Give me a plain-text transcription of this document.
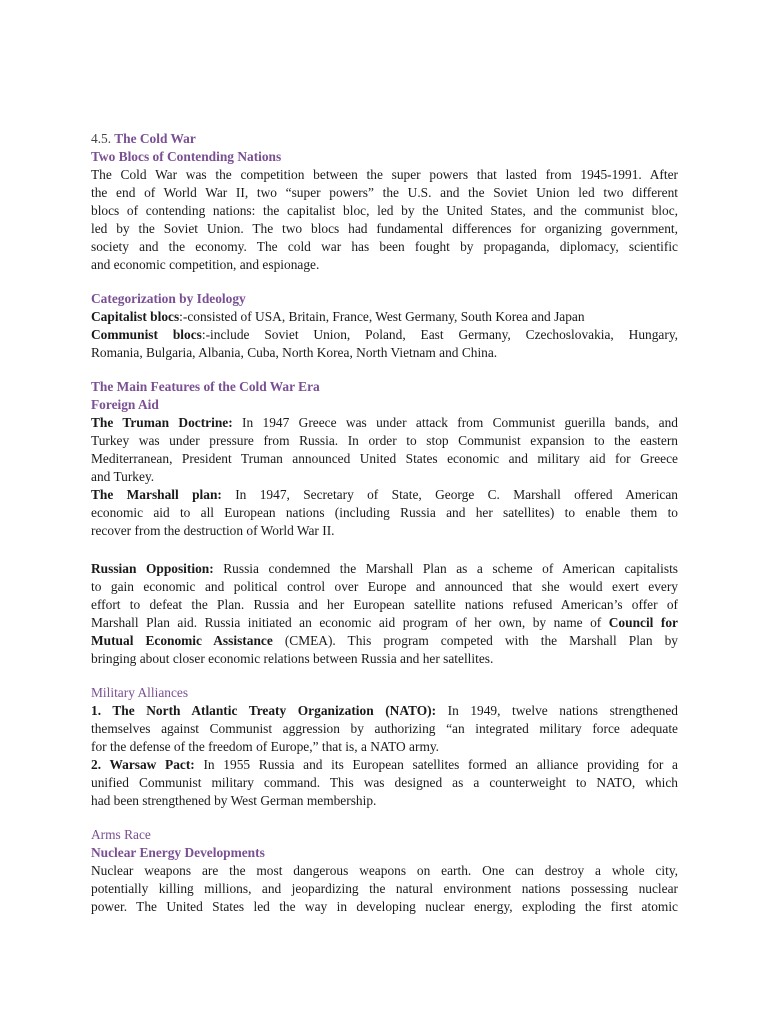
4.5. The Cold War
Two Blocs of Contending Nations
The Cold War was the competition between the super powers that lasted from 1945-1991. After
the end of World War II, two “super powers” the U.S. and the Soviet Union led two different
blocs of contending nations: the capitalist bloc, led by the United States, and the communist bloc,
led by the Soviet Union. The two blocs had fundamental differences for organizing government,
society and the economy. The cold war has been fought by propaganda, diplomacy, scientific
and economic competition, and espionage.
Categorization by Ideology
Capitalist blocs:-consisted of USA, Britain, France, West Germany, South Korea and Japan
Communist blocs:-include Soviet Union, Poland, East Germany, Czechoslovakia, Hungary,
Romania, Bulgaria, Albania, Cuba, North Korea, North Vietnam and China.
The Main Features of the Cold War Era
Foreign Aid
The Truman Doctrine: In 1947 Greece was under attack from Communist guerilla bands, and
Turkey was under pressure from Russia. In order to stop Communist expansion to the eastern
Mediterranean, President Truman announced United States economic and military aid for Greece
and Turkey.
The Marshall plan: In 1947, Secretary of State, George C. Marshall offered American
economic aid to all European nations (including Russia and her satellites) to enable them to
recover from the destruction of World War II.
Russian Opposition: Russia condemned the Marshall Plan as a scheme of American capitalists
to gain economic and political control over Europe and announced that she would exert every
effort to defeat the Plan. Russia and her European satellite nations refused American’s offer of
Marshall Plan aid. Russia initiated an economic aid program of her own, by name of Council for
Mutual Economic Assistance (CMEA). This program competed with the Marshall Plan by
bringing about closer economic relations between Russia and her satellites.
Military Alliances
1. The North Atlantic Treaty Organization (NATO): In 1949, twelve nations strengthened
themselves against Communist aggression by authorizing “an integrated military force adequate
for the defense of the freedom of Europe,” that is, a NATO army.
2. Warsaw Pact: In 1955 Russia and its European satellites formed an alliance providing for a
unified Communist military command. This was designed as a counterweight to NATO, which
had been strengthened by West German membership.
Arms Race
Nuclear Energy Developments
Nuclear weapons are the most dangerous weapons on earth. One can destroy a whole city,
potentially killing millions, and jeopardizing the natural environment nations possessing nuclear
power. The United States led the way in developing nuclear energy, exploding the first atomic
